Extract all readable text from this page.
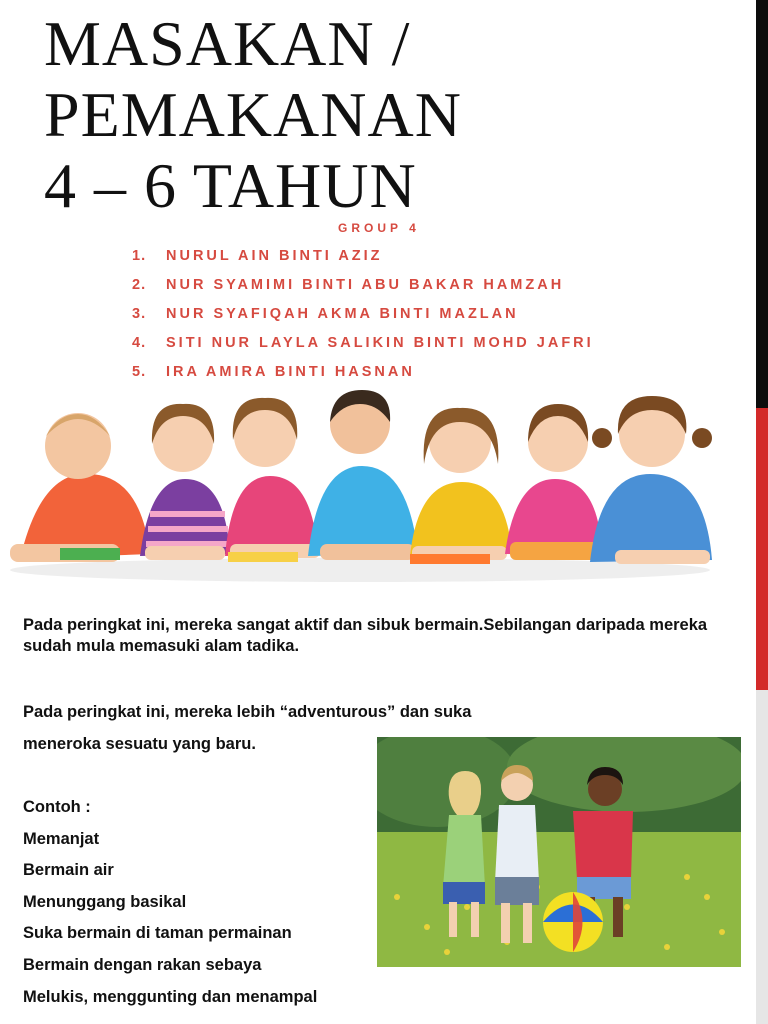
MASAKAN /
PEMAKANAN
4 – 6 TAHUN
GROUP 4
1. NURUL AIN BINTI AZIZ
2. NUR SYAMIMI BINTI ABU BAKAR HAMZAH
3. NUR SYAFIQAH AKMA BINTI MAZLAN
4. SITI NUR LAYLA SALIKIN BINTI MOHD JAFRI
5. IRA AMIRA BINTI HASNAN

Pada peringkat ini, mereka sangat aktif dan sibuk bermain.Sebilangan daripada mereka sudah mula memasuki alam tadika.

Pada peringkat ini, mereka lebih “adventurous” dan suka

meneroka sesuatu yang baru.

Contoh :
Memanjat
Bermain air
Menunggang basikal
Suka bermain di taman permainan
Bermain dengan rakan sebaya
Melukis, menggunting dan menampal
